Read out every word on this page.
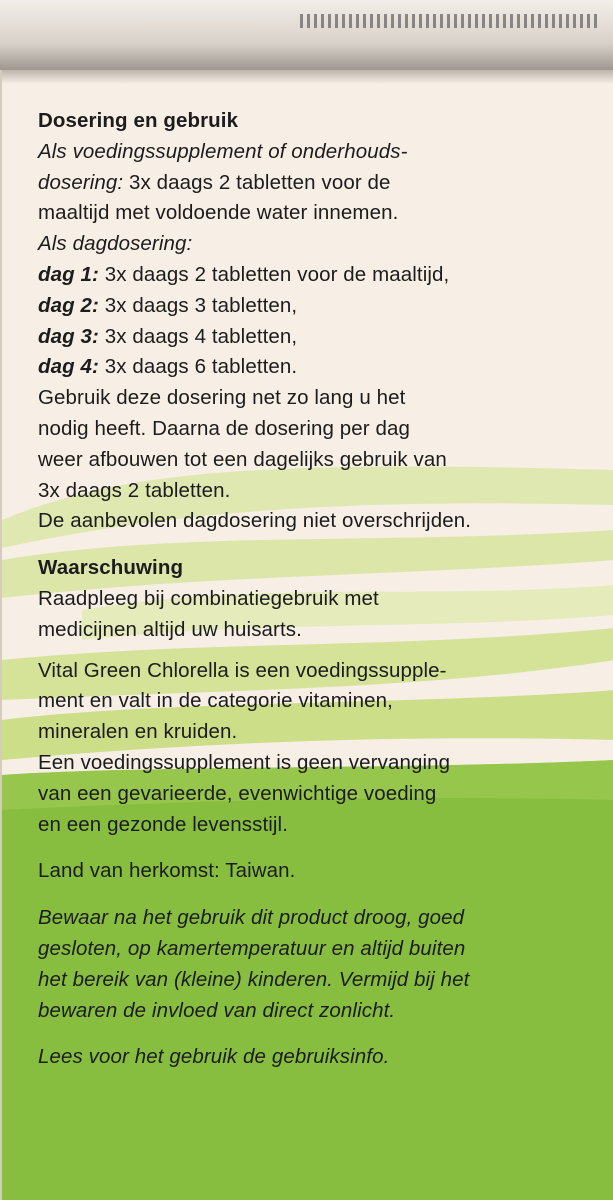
Dosering en gebruik

Als voedingssupplement of onderhouds-

dosering: 3x daags 2 tabletten voor de

maaltijd met voldoende water innemen.

Als dagdosering:

dag 1: 3x daags 2 tabletten voor de maaltijd,

dag 2: 3x daags 3 tabletten,

dag 3: 3x daags 4 tabletten,

dag 4: 3x daags 6 tabletten.

Gebruik deze dosering net zo lang u het

nodig heeft. Daarna de dosering per dag

weer afbouwen tot een dagelijks gebruik van

3x daags 2 tabletten.

De aanbevolen dagdosering niet overschrijden.

Waarschuwing

Raadpleeg bij combinatiegebruik met

medicijnen altijd uw huisarts.

Vital Green Chlorella is een voedingssupple-

ment en valt in de categorie vitaminen,

mineralen en kruiden.

Een voedingssupplement is geen vervanging

van een gevarieerde, evenwichtige voeding

en een gezonde levensstijl.

Land van herkomst: Taiwan.

Bewaar na het gebruik dit product droog, goed

gesloten, op kamertemperatuur en altijd buiten

het bereik van (kleine) kinderen. Vermijd bij het

bewaren de invloed van direct zonlicht.

Lees voor het gebruik de gebruiksinfo.
